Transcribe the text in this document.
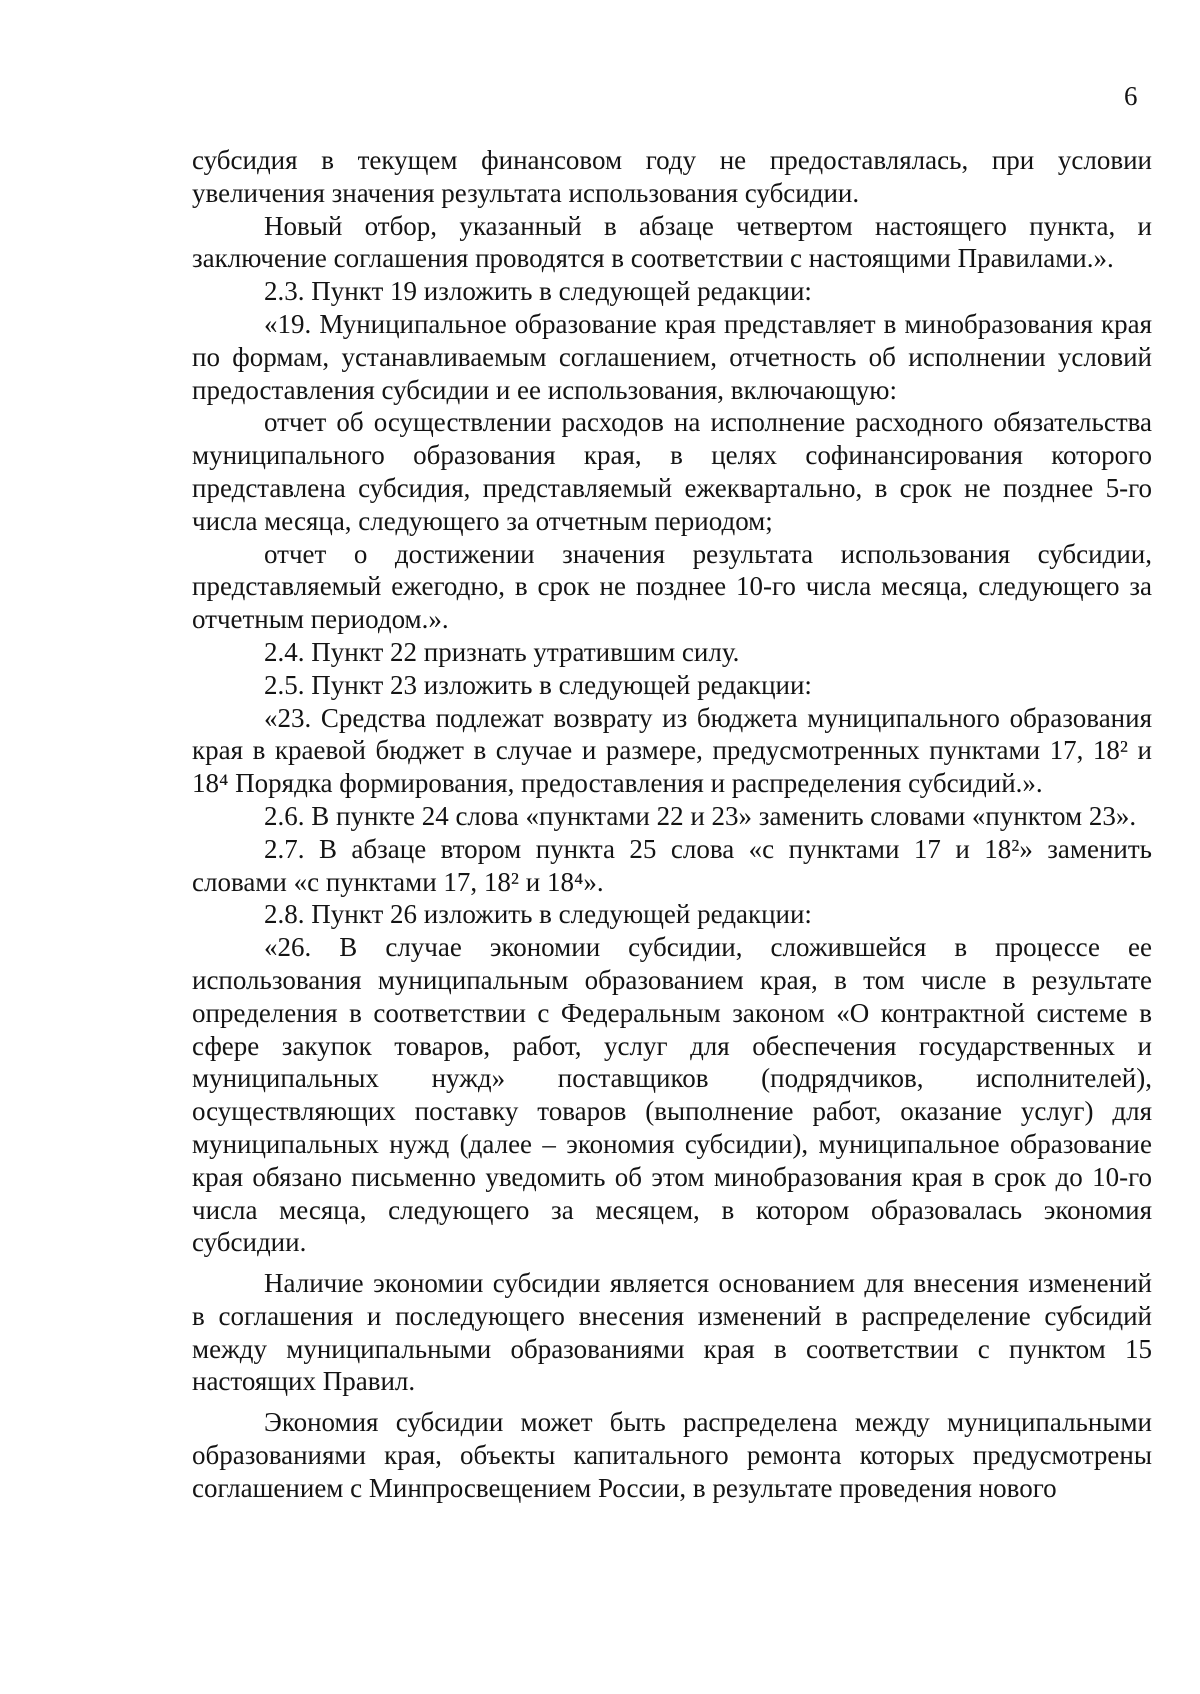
6

субсидия в текущем финансовом году не предоставлялась, при условии увеличения значения результата использования субсидии.

Новый отбор, указанный в абзаце четвертом настоящего пункта, и заключение соглашения проводятся в соответствии с настоящими Правилами.».

2.3. Пункт 19 изложить в следующей редакции:

«19. Муниципальное образование края представляет в минобразования края по формам, устанавливаемым соглашением, отчетность об исполнении условий предоставления субсидии и ее использования, включающую:

отчет об осуществлении расходов на исполнение расходного обязательства муниципального образования края, в целях софинансирования которого представлена субсидия, представляемый ежеквартально, в срок не позднее 5-го числа месяца, следующего за отчетным периодом;

отчет о достижении значения результата использования субсидии, представляемый ежегодно, в срок не позднее 10-го числа месяца, следующего за отчетным периодом.».

2.4. Пункт 22 признать утратившим силу.

2.5. Пункт 23 изложить в следующей редакции:

«23. Средства подлежат возврату из бюджета муниципального образования края в краевой бюджет в случае и размере, предусмотренных пунктами 17, 18² и 18⁴ Порядка формирования, предоставления и распределения субсидий.».

2.6. В пункте 24 слова «пунктами 22 и 23» заменить словами «пунктом 23».

2.7. В абзаце втором пункта 25 слова «с пунктами 17 и 18²» заменить словами «с пунктами 17, 18² и 18⁴».

2.8. Пункт 26 изложить в следующей редакции:

«26. В случае экономии субсидии, сложившейся в процессе ее использования муниципальным образованием края, в том числе в результате определения в соответствии с Федеральным законом «О контрактной системе в сфере закупок товаров, работ, услуг для обеспечения государственных и муниципальных нужд» поставщиков (подрядчиков, исполнителей), осуществляющих поставку товаров (выполнение работ, оказание услуг) для муниципальных нужд (далее – экономия субсидии), муниципальное образование края обязано письменно уведомить об этом минобразования края в срок до 10-го числа месяца, следующего за месяцем, в котором образовалась экономия субсидии.

Наличие экономии субсидии является основанием для внесения изменений в соглашения и последующего внесения изменений в распределение субсидий между муниципальными образованиями края в соответствии с пунктом 15 настоящих Правил.

Экономия субсидии может быть распределена между муниципальными образованиями края, объекты капитального ремонта которых предусмотрены соглашением с Минпросвещением России, в результате проведения нового
